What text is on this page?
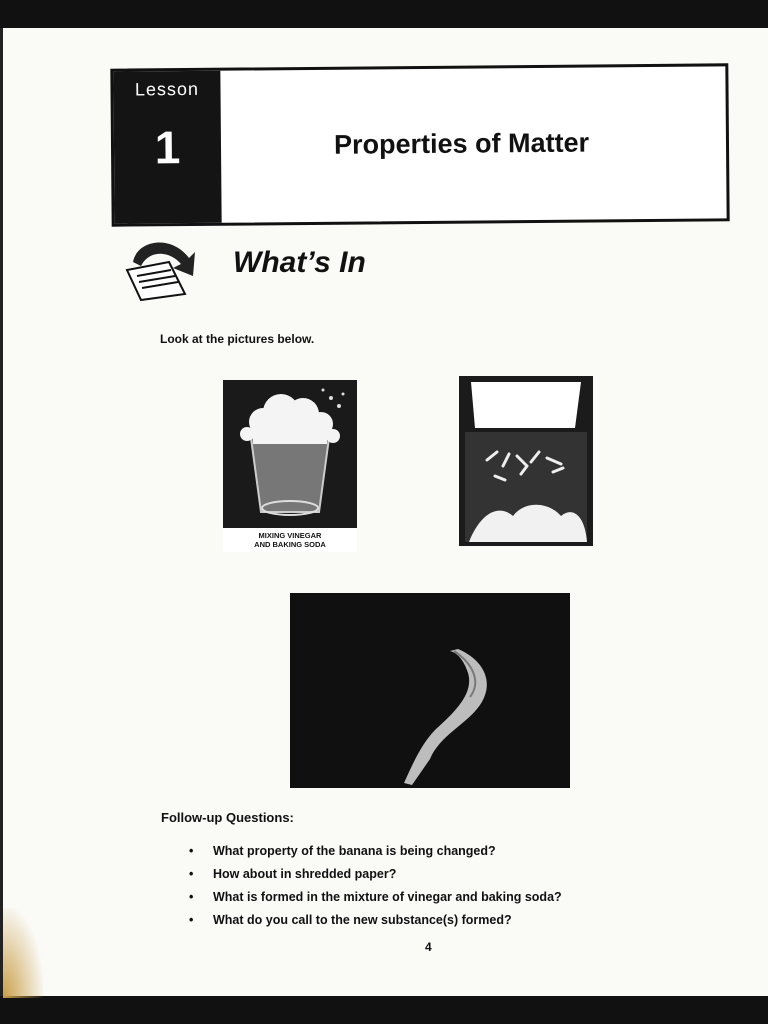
Lesson
1	Properties of Matter
What’s In
Look at the pictures below.
MIXING VINEGAR
AND BAKING SODA
Follow-up Questions:
• What property of the banana is being changed?
• How about in shredded paper?
• What is formed in the mixture of vinegar and baking soda?
• What do you call to the new substance(s) formed?
4
